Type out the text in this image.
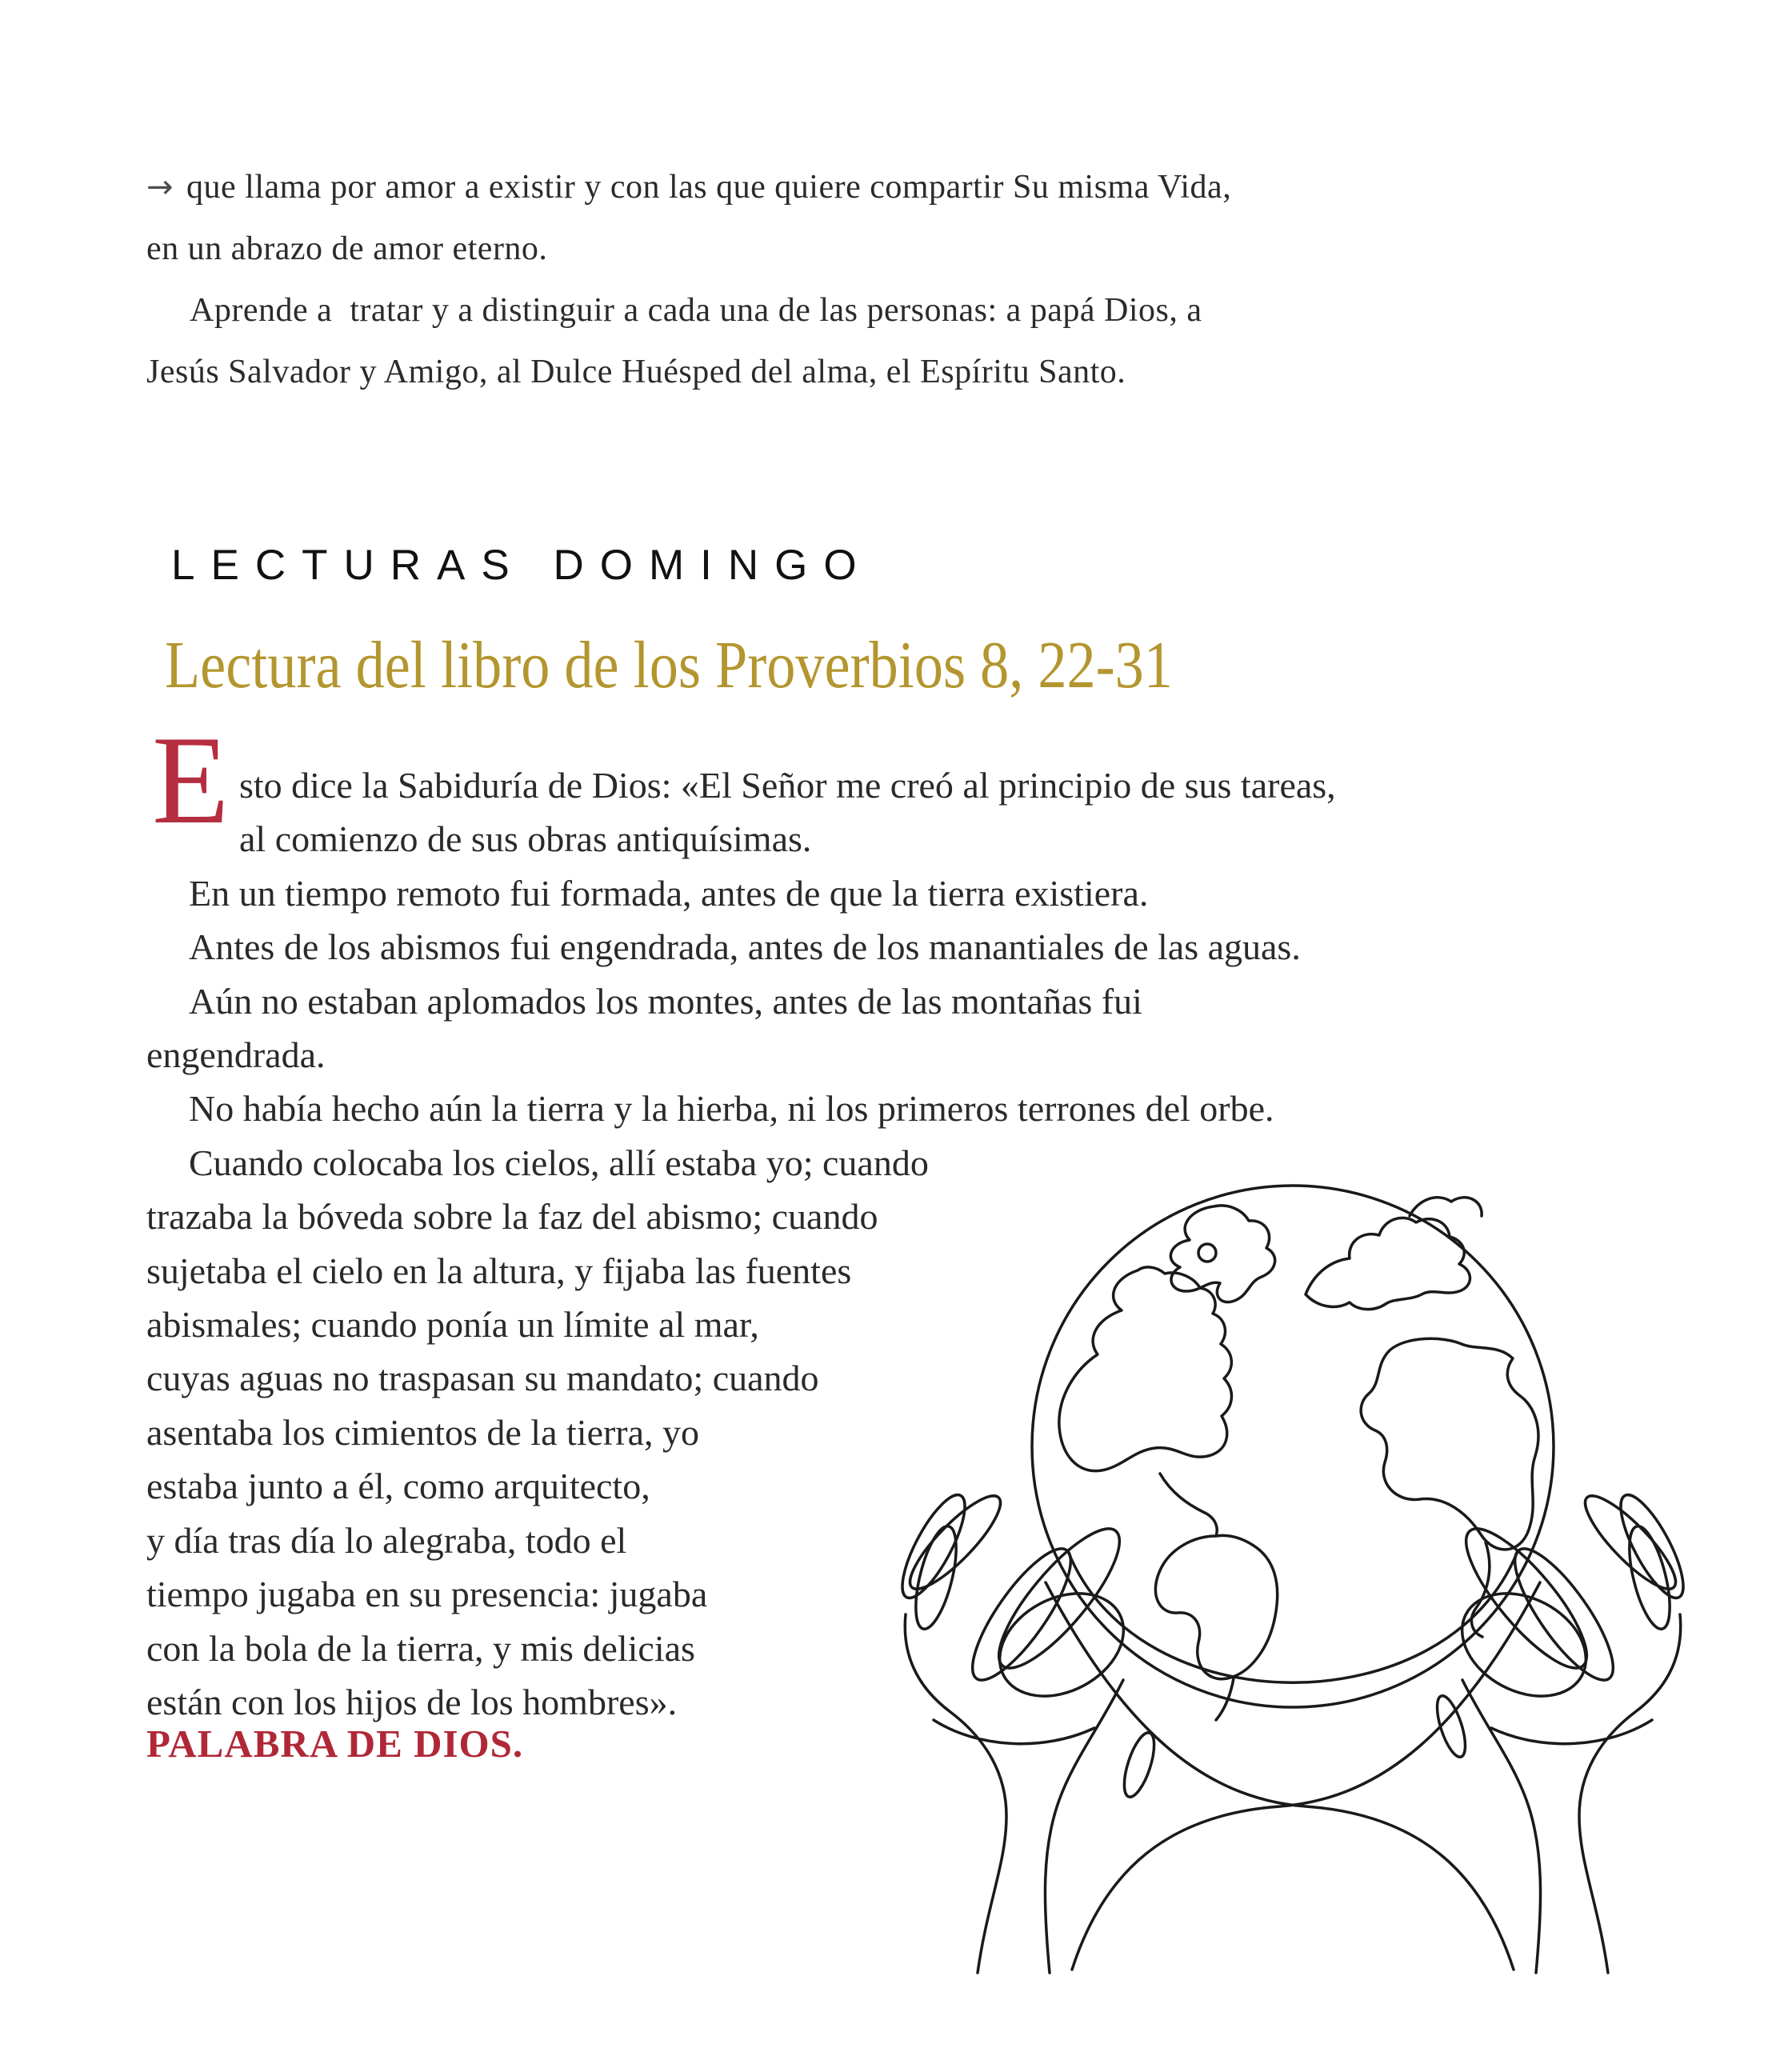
→ que llama por amor a existir y con las que quiere compartir Su misma Vida,
en un abrazo de amor eterno.
Aprende a  tratar y a distinguir a cada una de las personas: a papá Dios, a
Jesús Salvador y Amigo, al Dulce Huésped del alma, el Espíritu Santo.
LECTURAS DOMINGO
Lectura del libro de los Proverbios 8, 22-31
E sto dice la Sabiduría de Dios: «El Señor me creó al principio de sus tareas,
al comienzo de sus obras antiquísimas.
En un tiempo remoto fui formada, antes de que la tierra existiera.
Antes de los abismos fui engendrada, antes de los manantiales de las aguas.
Aún no estaban aplomados los montes, antes de las montañas fui
engendrada.
No había hecho aún la tierra y la hierba, ni los primeros terrones del orbe.
Cuando colocaba los cielos, allí estaba yo; cuando
trazaba la bóveda sobre la faz del abismo; cuando
sujetaba el cielo en la altura, y fijaba las fuentes
abismales; cuando ponía un límite al mar,
cuyas aguas no traspasan su mandato; cuando
asentaba los cimientos de la tierra, yo
estaba junto a él, como arquitecto,
y día tras día lo alegraba, todo el
tiempo jugaba en su presencia: jugaba
con la bola de la tierra, y mis delicias
están con los hijos de los hombres».
PALABRA DE DIOS.
